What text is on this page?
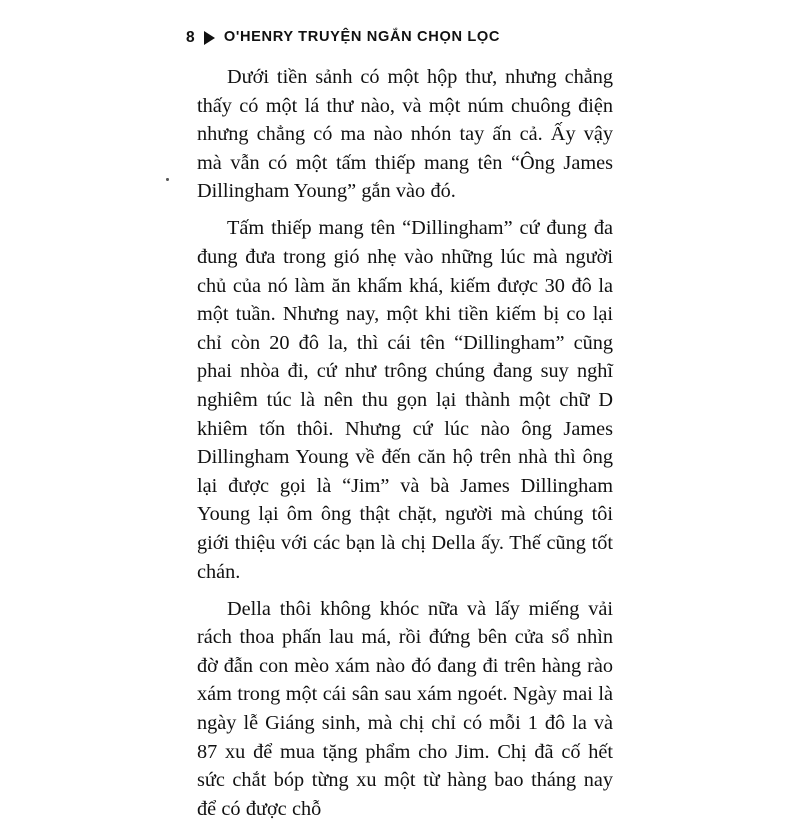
8 O'HENRY TRUYỆN NGẮN CHỌN LỌC

Dưới tiền sảnh có một hộp thư, nhưng chẳng thấy có một lá thư nào, và một núm chuông điện nhưng chẳng có ma nào nhón tay ấn cả. Ấy vậy mà vẫn có một tấm thiếp mang tên “Ông James Dillingham Young” gắn vào đó.

Tấm thiếp mang tên “Dillingham” cứ đung đa đung đưa trong gió nhẹ vào những lúc mà người chủ của nó làm ăn khấm khá, kiếm được 30 đô la một tuần. Nhưng nay, một khi tiền kiếm bị co lại chỉ còn 20 đô la, thì cái tên “Dillingham” cũng phai nhòa đi, cứ như trông chúng đang suy nghĩ nghiêm túc là nên thu gọn lại thành một chữ D khiêm tốn thôi. Nhưng cứ lúc nào ông James Dillingham Young về đến căn hộ trên nhà thì ông lại được gọi là “Jim” và bà James Dillingham Young lại ôm ông thật chặt, người mà chúng tôi giới thiệu với các bạn là chị Della ấy. Thế cũng tốt chán.

Della thôi không khóc nữa và lấy miếng vải rách thoa phấn lau má, rồi đứng bên cửa sổ nhìn đờ đẫn con mèo xám nào đó đang đi trên hàng rào xám trong một cái sân sau xám ngoét. Ngày mai là ngày lễ Giáng sinh, mà chị chỉ có mỗi 1 đô la và 87 xu để mua tặng phẩm cho Jim. Chị đã cố hết sức chắt bóp từng xu một từ hàng bao tháng nay để có được chỗ
